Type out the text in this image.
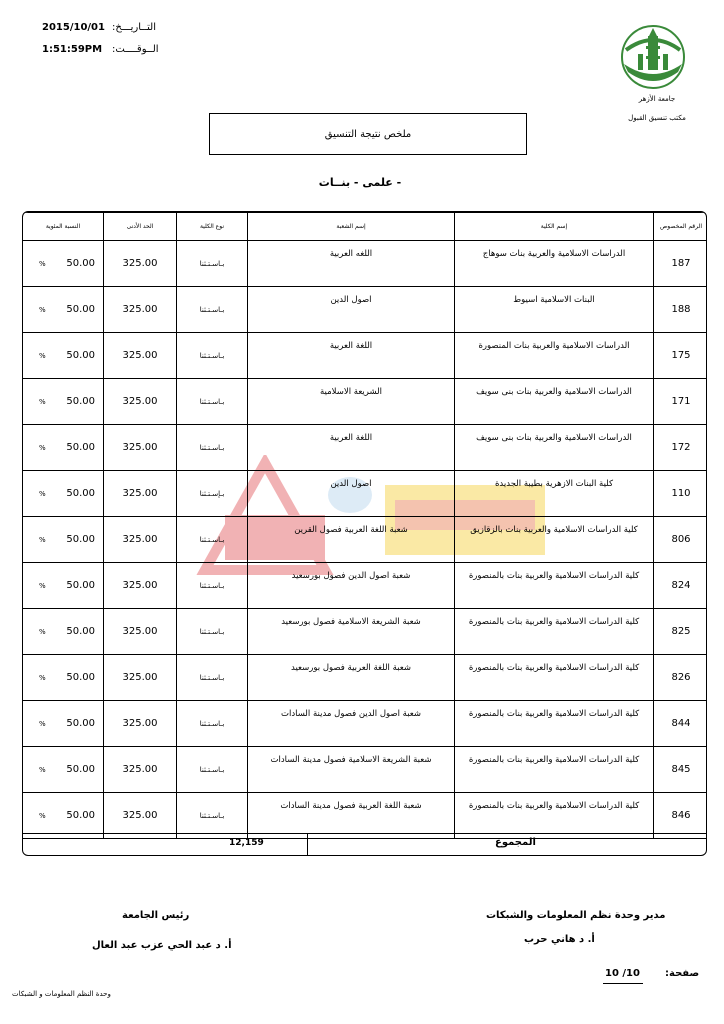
التــاريـــخ:
2015/10/01
الــوقــــت:
1:51:59PM
جامعة الأزهر
مكتب تنسيق القبول
ملخص نتيجة التنسيق
- علمى - بنــات
النسبة المئوية	الحد الأدنى	نوع الكلية	إسم الشعبة	إسم الكلية	الرقم المخصوص

% 50.00	325.00	بـاسـتـثنا	اللغه العربية	الدراسات الاسلامية والعربية بنات سوهاج	187

% 50.00	325.00	بـاسـتـثنا	اصول الدين	البنات الاسلامية اسيوط	188

% 50.00	325.00	بـاسـتـثنا	اللغة العربية	الدراسات الاسلامية والعربية بنات المنصورة	175

% 50.00	325.00	بـاسـتـثنا	الشريعة الاسلامية	الدراسات الاسلامية والعربية بنات بنى سويف	171

% 50.00	325.00	بـاسـتـثنا	اللغة العربية	الدراسات الاسلامية والعربية بنات بنى سويف	172

% 50.00	325.00	بـإسـتـثنا	اصول الدين	كلية البنات الازهرية بطيبة الجديدة	110

% 50.00	325.00	بـاسـتـثنا	شعبة اللغة العربية فصول القرين	كلية الدراسات الاسلامية والعربية بنات بالزقازيق	806

% 50.00	325.00	بـاسـتـثنا	شعبة اصول الدين فصول بورسعيد	كلية الدراسات الاسلامية والعربية بنات بالمنصورة	824

% 50.00	325.00	بـاسـتـثنا	شعبة الشريعة الاسلامية فصول بورسعيد	كلية الدراسات الاسلامية والعربية بنات بالمنصورة	825

% 50.00	325.00	بـاسـتـثنا	شعبة اللغة العربية فصول بورسعيد	كلية الدراسات الاسلامية والعربية بنات بالمنصورة	826

% 50.00	325.00	بـاسـتـثنا	شعبة اصول الدين فصول مدينة السادات	كلية الدراسات الاسلامية والعربية بنات بالمنصورة	844

% 50.00	325.00	بـاسـتـثنا	شعبة الشريعة الاسلامية فصول مدينة السادات	كلية الدراسات الاسلامية والعربية بنات بالمنصورة	845

% 50.00	325.00	بـاسـتـثنا	شعبة اللغة العربية فصول مدينة السادات	كلية الدراسات الاسلامية والعربية بنات بالمنصورة	846
12,159	المجموع
رئيس الجامعة
أ. د عبد الحي عزب عبد العال
مدير وحدة نظم المعلومات والشبكات
أ. د هاني حرب
صفحة:
10 /10
وحدة النظم المعلومات و الشبكات
